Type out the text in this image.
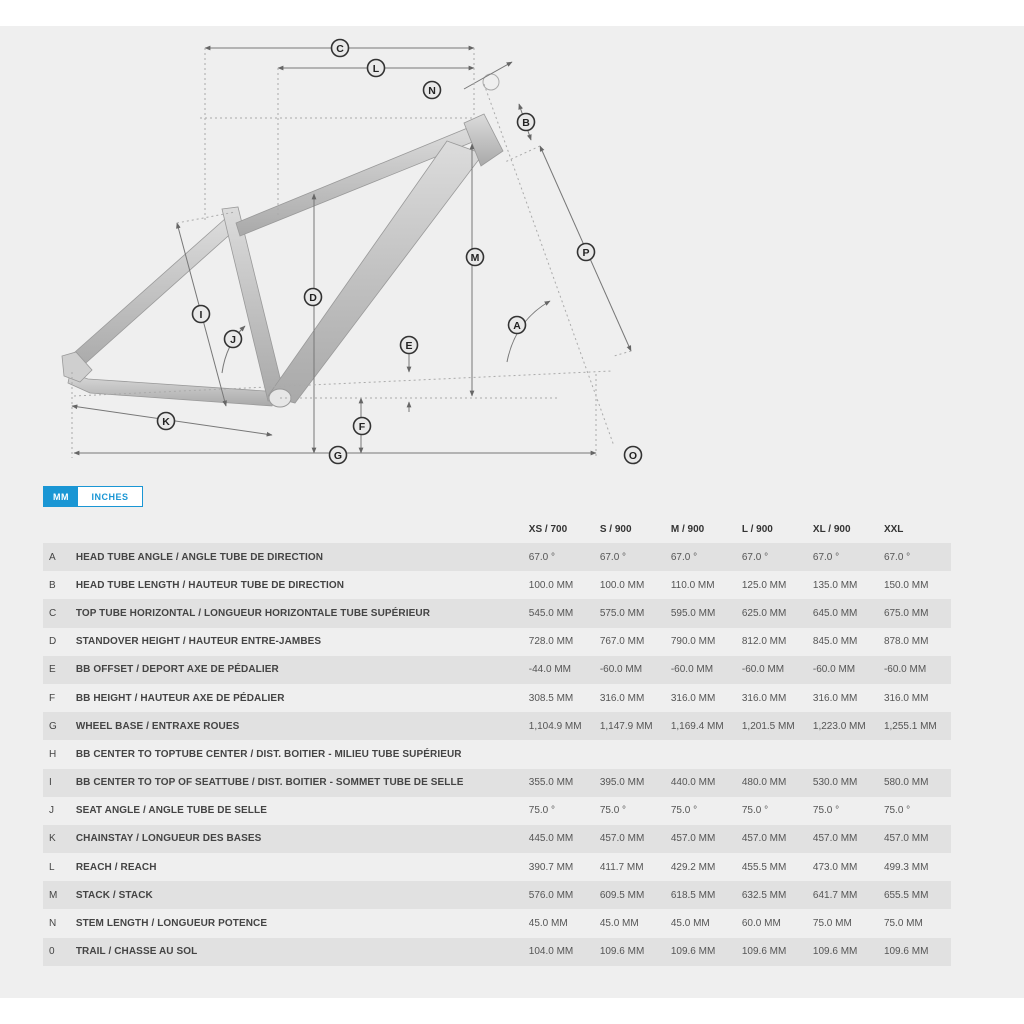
A
B
C
D
E
F
G
I
J
K
L
M
N
O
P
MM	INCHES
		XS / 700	S / 900	M / 900	L / 900	XL / 900	XXL
A	HEAD TUBE ANGLE / ANGLE TUBE DE DIRECTION	67.0 °	67.0 °	67.0 °	67.0 °	67.0 °	67.0 °
B	HEAD TUBE LENGTH / HAUTEUR TUBE DE DIRECTION	100.0 MM	100.0 MM	110.0 MM	125.0 MM	135.0 MM	150.0 MM
C	TOP TUBE HORIZONTAL / LONGUEUR HORIZONTALE TUBE SUPÉRIEUR	545.0 MM	575.0 MM	595.0 MM	625.0 MM	645.0 MM	675.0 MM
D	STANDOVER HEIGHT / HAUTEUR ENTRE-JAMBES	728.0 MM	767.0 MM	790.0 MM	812.0 MM	845.0 MM	878.0 MM
E	BB OFFSET / DEPORT AXE DE PÉDALIER	-44.0 MM	-60.0 MM	-60.0 MM	-60.0 MM	-60.0 MM	-60.0 MM
F	BB HEIGHT / HAUTEUR AXE DE PÉDALIER	308.5 MM	316.0 MM	316.0 MM	316.0 MM	316.0 MM	316.0 MM
G	WHEEL BASE / ENTRAXE ROUES	1,104.9 MM	1,147.9 MM	1,169.4 MM	1,201.5 MM	1,223.0 MM	1,255.1 MM
H	BB CENTER TO TOPTUBE CENTER / DIST. BOITIER - MILIEU TUBE SUPÉRIEUR						
I	BB CENTER TO TOP OF SEATTUBE / DIST. BOITIER - SOMMET TUBE DE SELLE	355.0 MM	395.0 MM	440.0 MM	480.0 MM	530.0 MM	580.0 MM
J	SEAT ANGLE / ANGLE TUBE DE SELLE	75.0 °	75.0 °	75.0 °	75.0 °	75.0 °	75.0 °
K	CHAINSTAY / LONGUEUR DES BASES	445.0 MM	457.0 MM	457.0 MM	457.0 MM	457.0 MM	457.0 MM
L	REACH / REACH	390.7 MM	411.7 MM	429.2 MM	455.5 MM	473.0 MM	499.3 MM
M	STACK / STACK	576.0 MM	609.5 MM	618.5 MM	632.5 MM	641.7 MM	655.5 MM
N	STEM LENGTH / LONGUEUR POTENCE	45.0 MM	45.0 MM	45.0 MM	60.0 MM	75.0 MM	75.0 MM
0	TRAIL / CHASSE AU SOL	104.0 MM	109.6 MM	109.6 MM	109.6 MM	109.6 MM	109.6 MM
